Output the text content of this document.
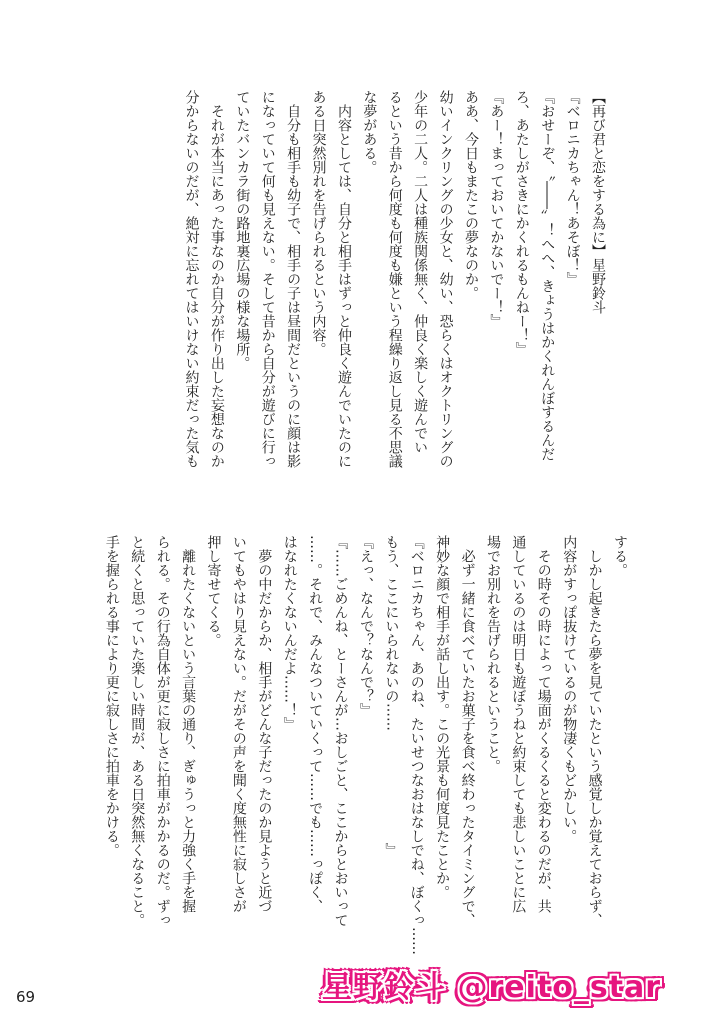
【再び君と恋をする為に】星野鈴斗
『ベロニカちゃん！あそぼ！』
『おせーぞ、〝――〟！へへ、きょうはかくれんぼするんだ
ろ、あたしがさきにかくれるもんねー！』
『あー！まっておいてかないでー！』
ああ、今日もまたこの夢なのか。
幼いインクリングの少女と、幼い、恐らくはオクトリングの
少年の二人。二人は種族関係無く、仲良く楽しく遊んでい
るという昔から何度も何度も嫌という程繰り返し見る不思議
な夢がある。
　内容としては、自分と相手はずっと仲良く遊んでいたのに
ある日突然別れを告げられるという内容。
　自分も相手も幼子で、相手の子は昼間だというのに顔は影
になっていて何も見えない。そして昔から自分が遊びに行っ
ていたバンカラ街の路地裏広場の様な場所。
　それが本当にあった事なのか自分が作り出した妄想なのか
分からないのだが、絶対に忘れてはいけない約束だった気も
する。
　しかし起きたら夢を見ていたという感覚しか覚えておらず、
内容がすっぽ抜けているのが物凄くもどかしい。
　その時その時によって場面がくるくると変わるのだが、共
通しているのは明日も遊ぼうねと約束しても悲しいことに広
場でお別れを告げられるということ。
　必ず一緒に食べていたお菓子を食べ終わったタイミングで、
神妙な顔で相手が話し出す。この光景も何度見たことか。
『ベロニカちゃん、あのね、たいせつなおはなしでね、ぼくっ……
もう、ここにいられないの……　　　　　　　　』
『えっ、なんで？なんで？』
『……ごめんね、とーさんが…おしごと、ここからとおいって
……。それで、みんなついていくって……でも……っぽく、
はなれたくないんだよ……！』
　夢の中だからか、相手がどんな子だったのか見ようと近づ
いてもやはり見えない。だがその声を聞く度無性に寂しさが
押し寄せてくる。
　離れたくないという言葉の通り、ぎゅうっと力強く手を握
られる。その行為自体が更に寂しさに拍車がかかるのだ。ずっ
と続くと思っていた楽しい時間が、ある日突然無くなること。
手を握られる事により更に寂しさに拍車をかける。
69	星野鈴斗 @reito_star
